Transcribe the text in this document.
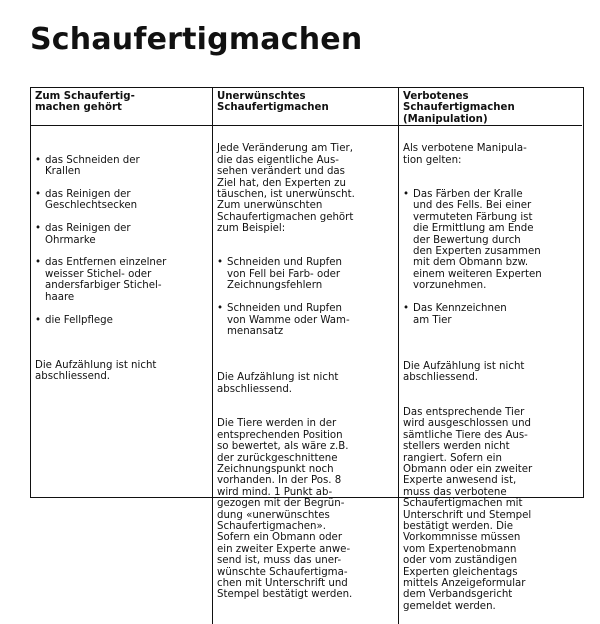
Schaufertigmachen
Zum Schaufertig-
machen gehört
Unerwünschtes
Schaufertigmachen
Verbotenes
Schaufertigmachen
(Manipulation)

• das Schneiden der
Krallen

• das Reinigen der
Geschlechtsecken

• das Reinigen der
Ohrmarke

• das Entfernen einzelner
weisser Stichel- oder
andersfarbiger Stichel-
haare

• die Fellpflege

Die Aufzählung ist nicht
abschliessend.

Jede Veränderung am Tier,
die das eigentliche Aus-
sehen verändert und das
Ziel hat, den Experten zu
täuschen, ist unerwünscht.
Zum unerwünschten
Schaufertigmachen gehört
zum Beispiel:

• Schneiden und Rupfen
von Fell bei Farb- oder
Zeichnungsfehlern

• Schneiden und Rupfen
von Wamme oder Wam-
menansatz

Die Aufzählung ist nicht
abschliessend.

Die Tiere werden in der
entsprechenden Position
so bewertet, als wäre z.B.
der zurückgeschnittene
Zeichnungspunkt noch
vorhanden. In der Pos. 8
wird mind. 1 Punkt ab-
gezogen mit der Begrün-
dung «unerwünschtes
Schaufertigmachen».
Sofern ein Obmann oder
ein zweiter Experte anwe-
send ist, muss das uner-
wünschte Schaufertigma-
chen mit Unterschrift und
Stempel bestätigt werden.

Als verbotene Manipula-
tion gelten:

• Das Färben der Kralle
und des Fells. Bei einer
vermuteten Färbung ist
die Ermittlung am Ende
der Bewertung durch
den Experten zusammen
mit dem Obmann bzw.
einem weiteren Experten
vorzunehmen.

• Das Kennzeichnen
am Tier

Die Aufzählung ist nicht
abschliessend.

Das entsprechende Tier
wird ausgeschlossen und
sämtliche Tiere des Aus-
stellers werden nicht
rangiert. Sofern ein
Obmann oder ein zweiter
Experte anwesend ist,
muss das verbotene
Schaufertigmachen mit
Unterschrift und Stempel
bestätigt werden. Die
Vorkommnisse müssen
vom Expertenobmann
oder vom zuständigen
Experten gleichentags
mittels Anzeigeformular
dem Verbandsgericht
gemeldet werden.
